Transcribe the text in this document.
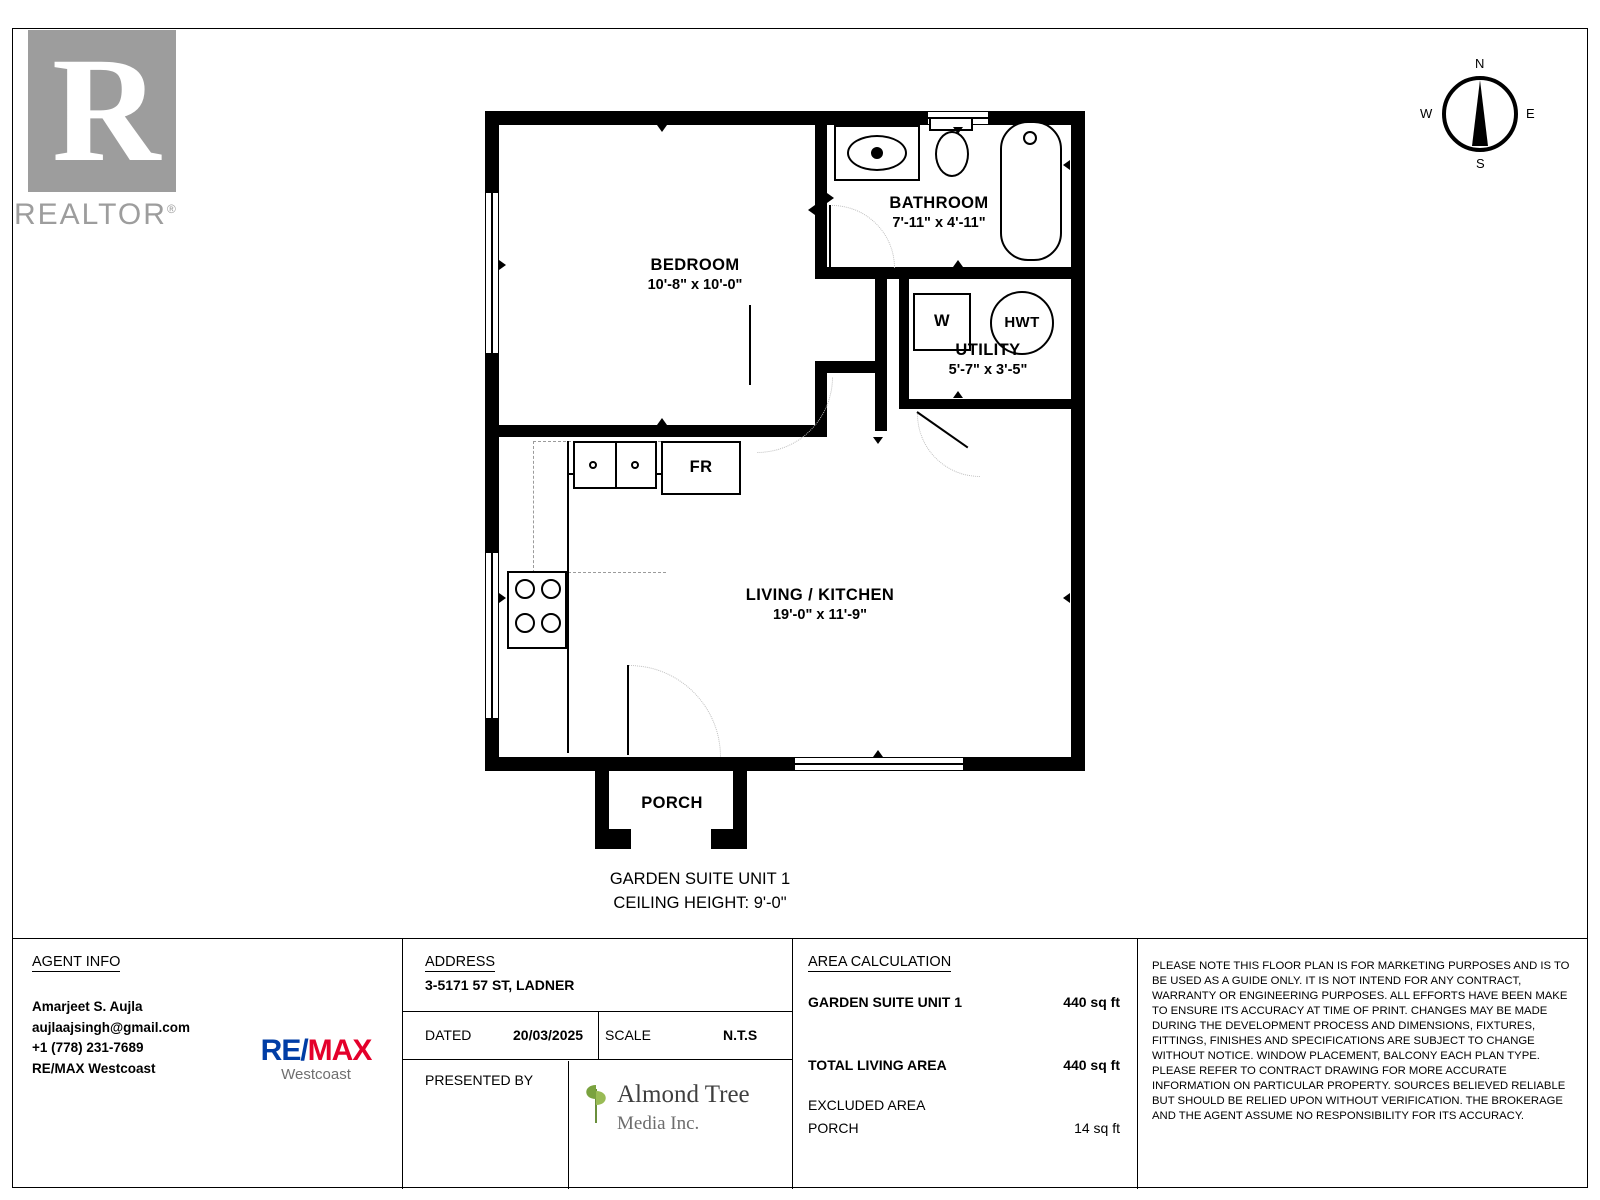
R
REALTOR®
N
S
W	E
W	HWT
FR
BEDROOM
10'-8" x 10'-0"
BATHROOM
7'-11" x 4'-11"
UTILITY
5'-7" x 3'-5"
LIVING / KITCHEN
19'-0" x 11'-9"
PORCH
GARDEN SUITE UNIT 1
CEILING HEIGHT: 9'-0"
AGENT INFO
Amarjeet S. Aujla
aujlaajsingh@gmail.com
+1 (778) 231-7689
RE/MAX Westcoast
RE/MAX
Westcoast
ADDRESS
3-5171 57 ST, LADNER
DATED	20/03/2025 SCALE	N.T.S
PRESENTED BY
Almond Tree
Media Inc.
AREA CALCULATION
GARDEN SUITE UNIT 1	440 sq ft
TOTAL LIVING AREA	440 sq ft
EXCLUDED AREA
PORCH	14 sq ft
PLEASE NOTE THIS FLOOR PLAN IS FOR MARKETING PURPOSES AND IS TO BE USED AS A GUIDE ONLY. IT IS NOT INTEND FOR ANY CONTRACT, WARRANTY OR ENGINEERING PURPOSES. ALL EFFORTS HAVE BEEN MAKE TO ENSURE ITS ACCURACY AT TIME OF PRINT. CHANGES MAY BE MADE DURING THE DEVELOPMENT PROCESS AND DIMENSIONS, FIXTURES, FITTINGS, FINISHES AND SPECIFICATIONS ARE SUBJECT TO CHANGE WITHOUT NOTICE. WINDOW PLACEMENT, BALCONY EACH PLAN TYPE. PLEASE REFER TO CONTRACT DRAWING FOR MORE ACCURATE INFORMATION ON PARTICULAR PROPERTY. SOURCES BELIEVED RELIABLE BUT SHOULD BE RELIED UPON WITHOUT VERIFICATION. THE BROKERAGE AND THE AGENT ASSUME NO RESPONSIBILITY FOR ITS ACCURACY.
